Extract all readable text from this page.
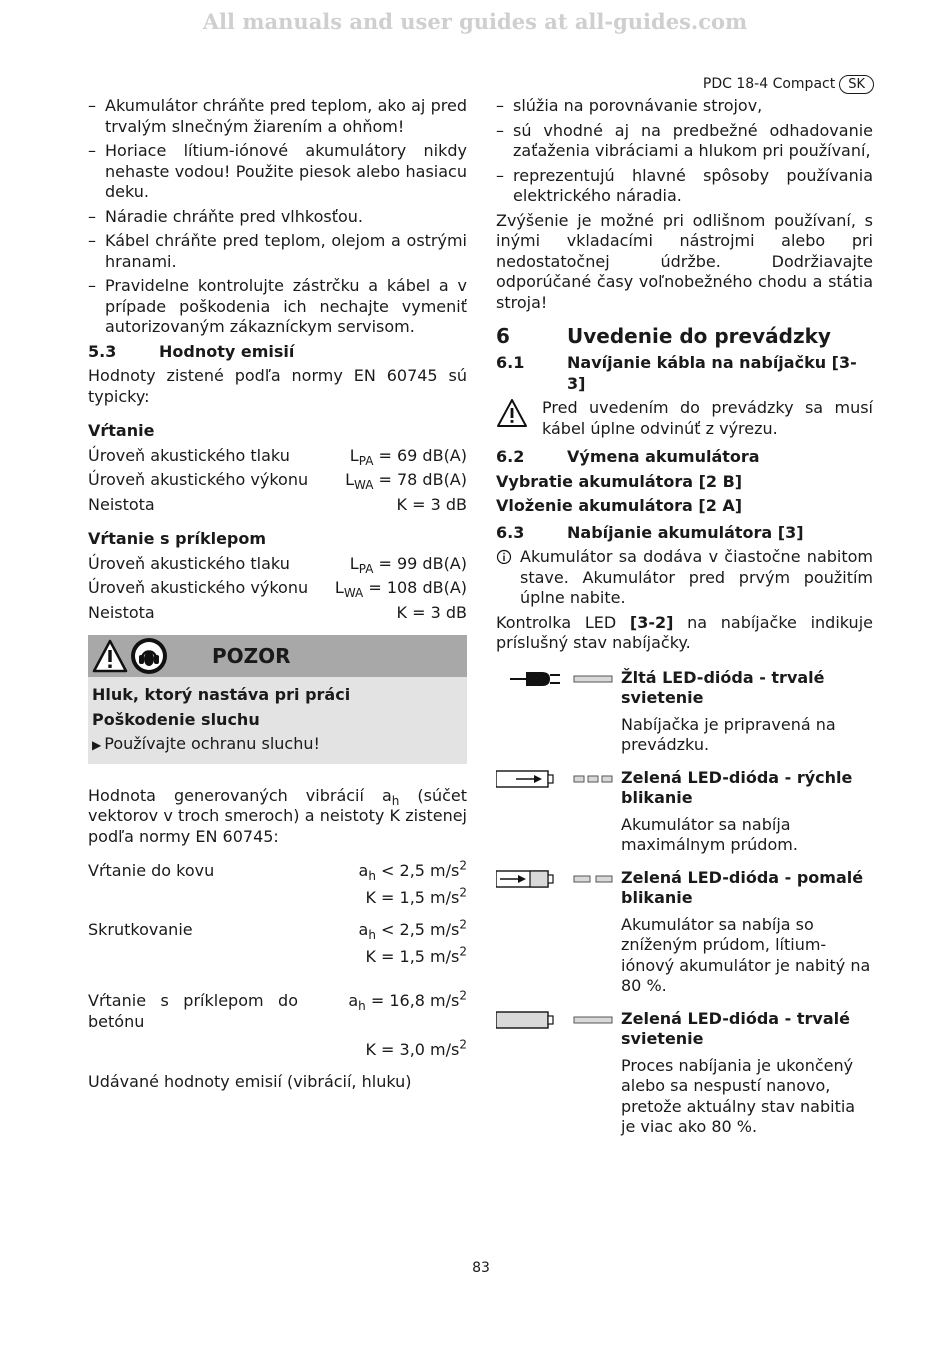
All manuals and user guides at all-guides.com
PDC 18-4 Compact	SK
– Akumulátor chráňte pred teplom, ako aj pred trvalým slnečným žiarením a ohňom!
– Horiace lítium-iónové akumulátory nikdy nehaste vodou! Použite piesok alebo hasiacu deku.
– Náradie chráňte pred vlhkosťou.
– Kábel chráňte pred teplom, olejom a ostrými hranami.
– Pravidelne kontrolujte zástrčku a kábel a v prípade poškodenia ich nechajte vymeniť autorizovaným zákazníckym servisom.
5.3	Hodnoty emisií

Hodnoty zistené podľa normy EN 60745 sú typicky:

Vŕtanie
Úroveň akustického tlaku	$L_{PA} = 69$ dB(A)
Úroveň akustického výkonu	$L_{WA} = 78$ dB(A)
Neistota	K = 3 dB
Vŕtanie s príklepom
Úroveň akustického tlaku	$L_{PA} = 99$ dB(A)
Úroveň akustického výkonu	$L_{WA} = 108$ dB(A)
Neistota	K = 3 dB
POZOR
Hluk, ktorý nastáva pri práci
Poškodenie sluchu
▶ Používajte ochranu sluchu!

Hodnota generovaných vibrácií $a_h$ (súčet vektorov v troch smeroch) a neistoty K zistenej podľa normy EN 60745:

Vŕtanie do kovu	$a_h < 2,5$ $m/s^2$
K = 1,5 $m/s^2$
Skrutkovanie	$a_h < 2,5$ $m/s^2$
K = 1,5 $m/s^2$
Vŕtanie s príklepom do betónu
$a_h = 16,8$ $m/s^2$
K = 3,0 $m/s^2$

Udávané hodnoty emisií (vibrácií, hluku)

– slúžia na porovnávanie strojov,
– sú vhodné aj na predbežné odhadovanie zaťaženia vibráciami a hlukom pri používaní,
– reprezentujú hlavné spôsoby používania elektrického náradia.

Zvýšenie je možné pri odlišnom používaní, s inými vkladacími nástrojmi alebo pri nedostatočnej údržbe. Dodržiavajte odporúčané časy voľnobežného chodu a státia stroja!

6	Uvedenie do prevádzky
6.1	Navíjanie kábla na nabíjačku [3-3]
Pred uvedením do prevádzky sa musí kábel úplne odvinúť z výrezu.
6.2	Výmena akumulátora
Vybratie akumulátora [2 B]
Vloženie akumulátora [2 A]
6.3	Nabíjanie akumulátora [3]
Akumulátor sa dodáva v čiastočne nabitom stave. Akumulátor pred prvým použitím úplne nabite.

Kontrolka LED [3-2] na nabíjačke indikuje príslušný stav nabíjačky.

Žltá LED-dióda - trvalé svietenie

Nabíjačka je pripravená na prevádzku.

Zelená LED-dióda - rýchle blikanie

Akumulátor sa nabíja maximálnym prúdom.

Zelená LED-dióda - pomalé blikanie

Akumulátor sa nabíja so zníženým prúdom, lítium-iónový akumulátor je nabitý na 80 %.

Zelená LED-dióda - trvalé svietenie

Proces nabíjania je ukončený alebo sa nespustí nanovo, pretože aktuálny stav nabitia je viac ako 80 %.

83
